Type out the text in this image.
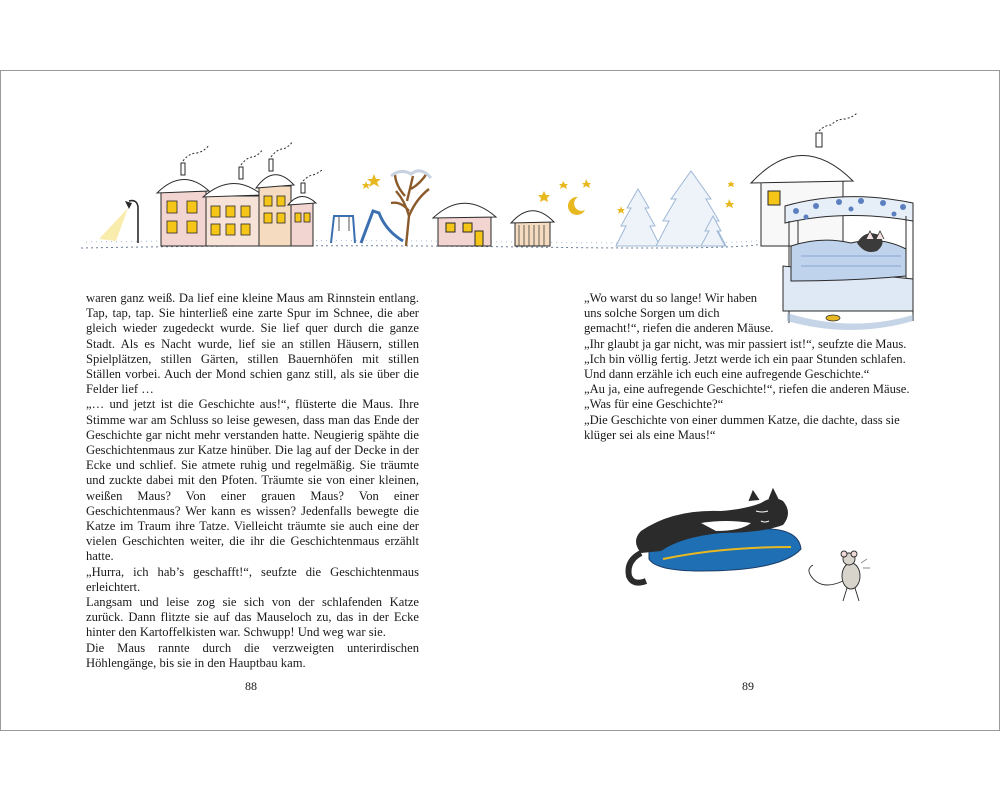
waren ganz weiß. Da lief eine kleine Maus am Rinnstein entlang. Tap, tap, tap. Sie hinterließ eine zarte Spur im Schnee, die aber gleich wieder zugedeckt wurde. Sie lief quer durch die ganze Stadt. Als es Nacht wurde, lief sie an stillen Häusern, stillen Spielplätzen, stillen Gärten, stillen Bauernhöfen mit stillen Ställen vorbei. Auch der Mond schien ganz still, als sie über die Felder lief …

„… und jetzt ist die Geschichte aus!“, flüsterte die Maus. Ihre Stimme war am Schluss so leise gewesen, dass man das Ende der Geschichte gar nicht mehr verstanden hatte. Neugierig spähte die Geschichtenmaus zur Katze hinüber. Die lag auf der Decke in der Ecke und schlief. Sie atmete ruhig und regelmäßig. Sie träumte und zuckte dabei mit den Pfoten. Träumte sie von einer kleinen, weißen Maus? Von einer grauen Maus? Von einer Geschichtenmaus? Wer kann es wissen? Jedenfalls bewegte die Katze im Traum ihre Tatze. Vielleicht träumte sie auch eine der vielen Geschichten weiter, die ihr die Geschichtenmaus erzählt hatte.

„Hurra, ich hab’s geschafft!“, seufzte die Geschichtenmaus erleichtert.

Langsam und leise zog sie sich von der schlafenden Katze zurück. Dann flitzte sie auf das Mauseloch zu, das in der Ecke hinter den Kartoffelkisten war. Schwupp! Und weg war sie.

Die Maus rannte durch die verzweigten unterirdischen Höhlengänge, bis sie in den Hauptbau kam.

88

„Wo warst du so lange! Wir haben uns solche Sorgen um dich gemacht!“, riefen die anderen Mäuse.

„Ihr glaubt ja gar nicht, was mir passiert ist!“, seufzte die Maus.

„Ich bin völlig fertig. Jetzt werde ich ein paar Stunden schlafen. Und dann erzähle ich euch eine aufregende Geschichte.“

„Au ja, eine aufregende Geschichte!“, riefen die anderen Mäuse.

„Was für eine Geschichte?“

„Die Geschichte von einer dummen Katze, die dachte, dass sie klüger sei als eine Maus!“

89
